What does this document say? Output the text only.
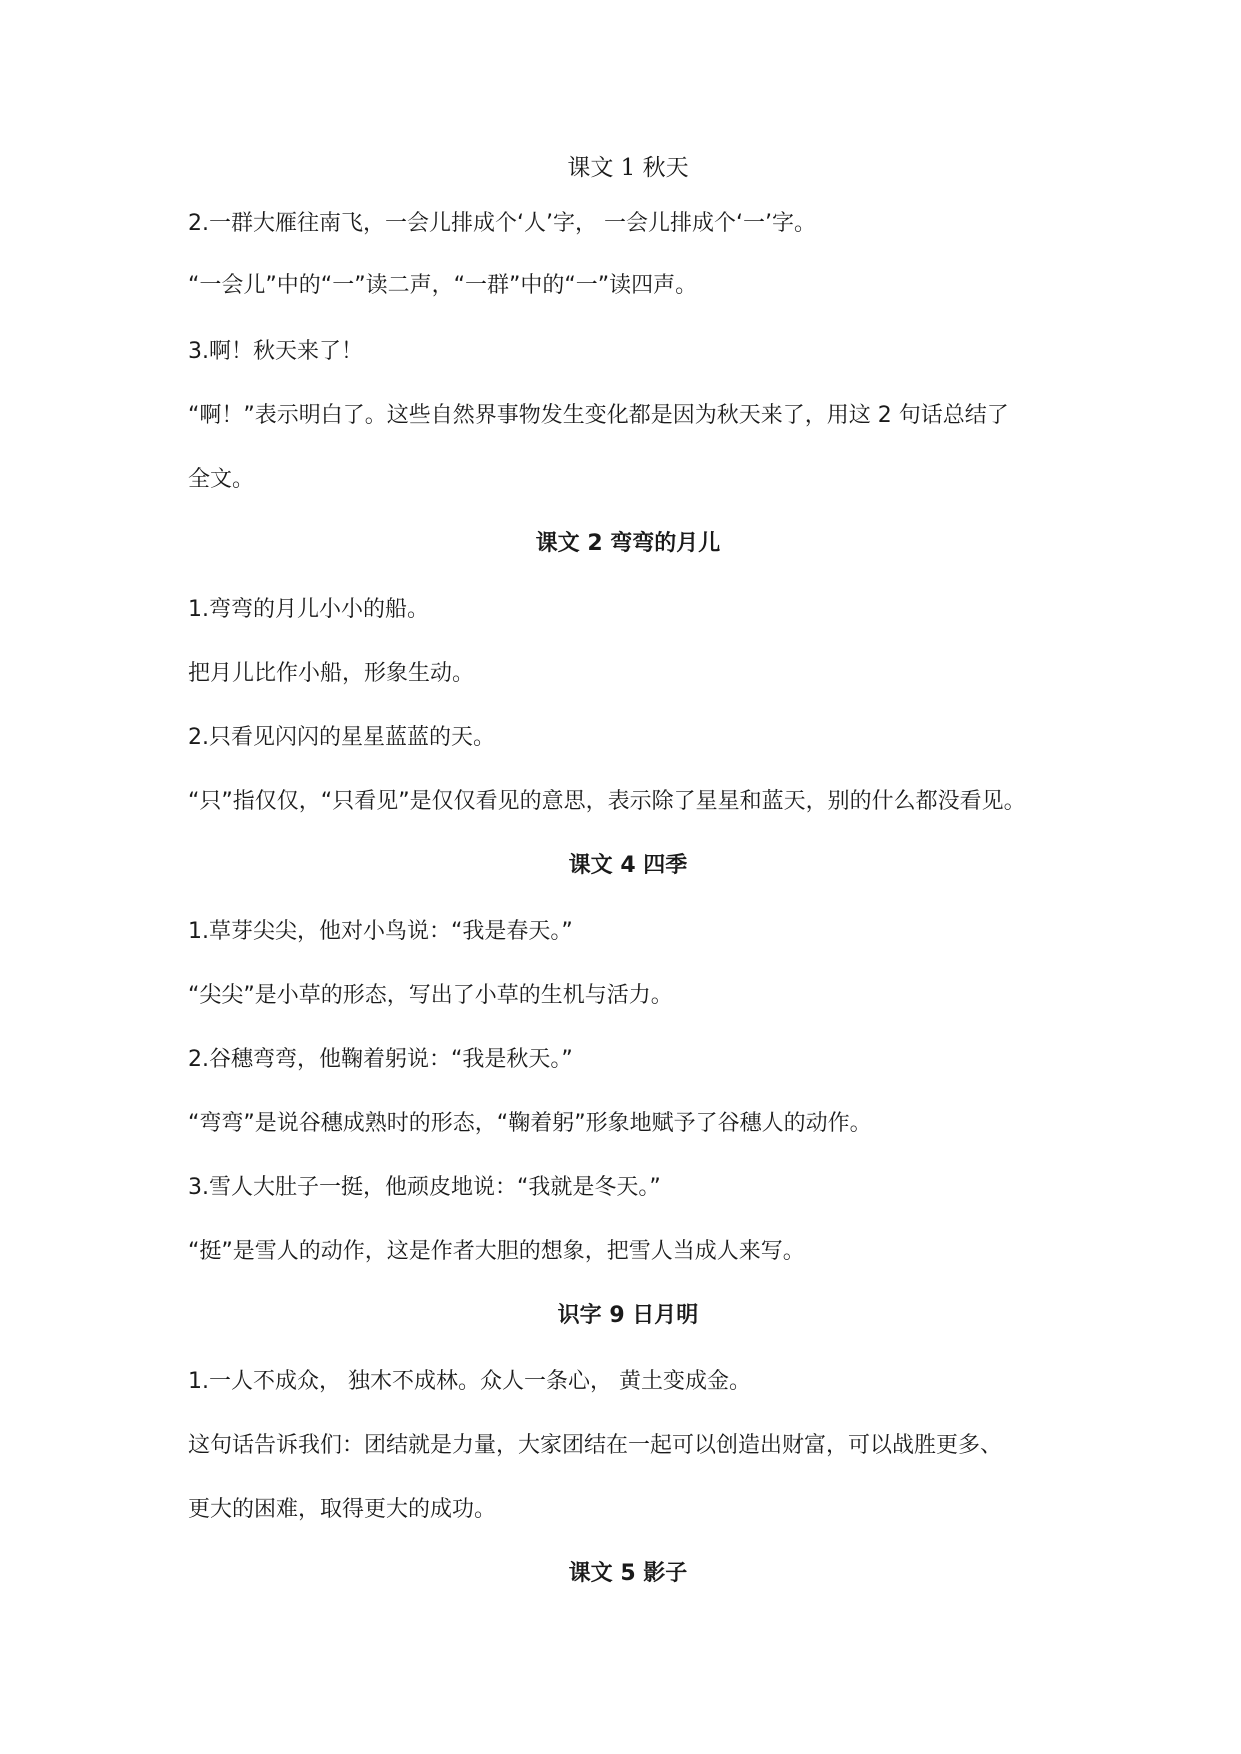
课文 1 秋天
2.一群大雁往南飞，一会儿排成个‘人’字， 一会儿排成个‘一’字。
“一会儿”中的“一”读二声，“一群”中的“一”读四声。
3.啊！秋天来了！
“啊！”表示明白了。这些自然界事物发生变化都是因为秋天来了，用这 2 句话总结了
全文。
课文 2 弯弯的月儿
1.弯弯的月儿小小的船。
把月儿比作小船，形象生动。
2.只看见闪闪的星星蓝蓝的天。
“只”指仅仅，“只看见”是仅仅看见的意思，表示除了星星和蓝天，别的什么都没看见。
课文 4 四季
1.草芽尖尖，他对小鸟说：“我是春天。”
“尖尖”是小草的形态，写出了小草的生机与活力。
2.谷穗弯弯，他鞠着躬说：“我是秋天。”
“弯弯”是说谷穗成熟时的形态，“鞠着躬”形象地赋予了谷穗人的动作。
3.雪人大肚子一挺，他顽皮地说：“我就是冬天。”
“挺”是雪人的动作，这是作者大胆的想象，把雪人当成人来写。
识字 9 日月明
1.一人不成众， 独木不成林。众人一条心， 黄土变成金。
这句话告诉我们：团结就是力量，大家团结在一起可以创造出财富，可以战胜更多、
更大的困难，取得更大的成功。
课文 5 影子
